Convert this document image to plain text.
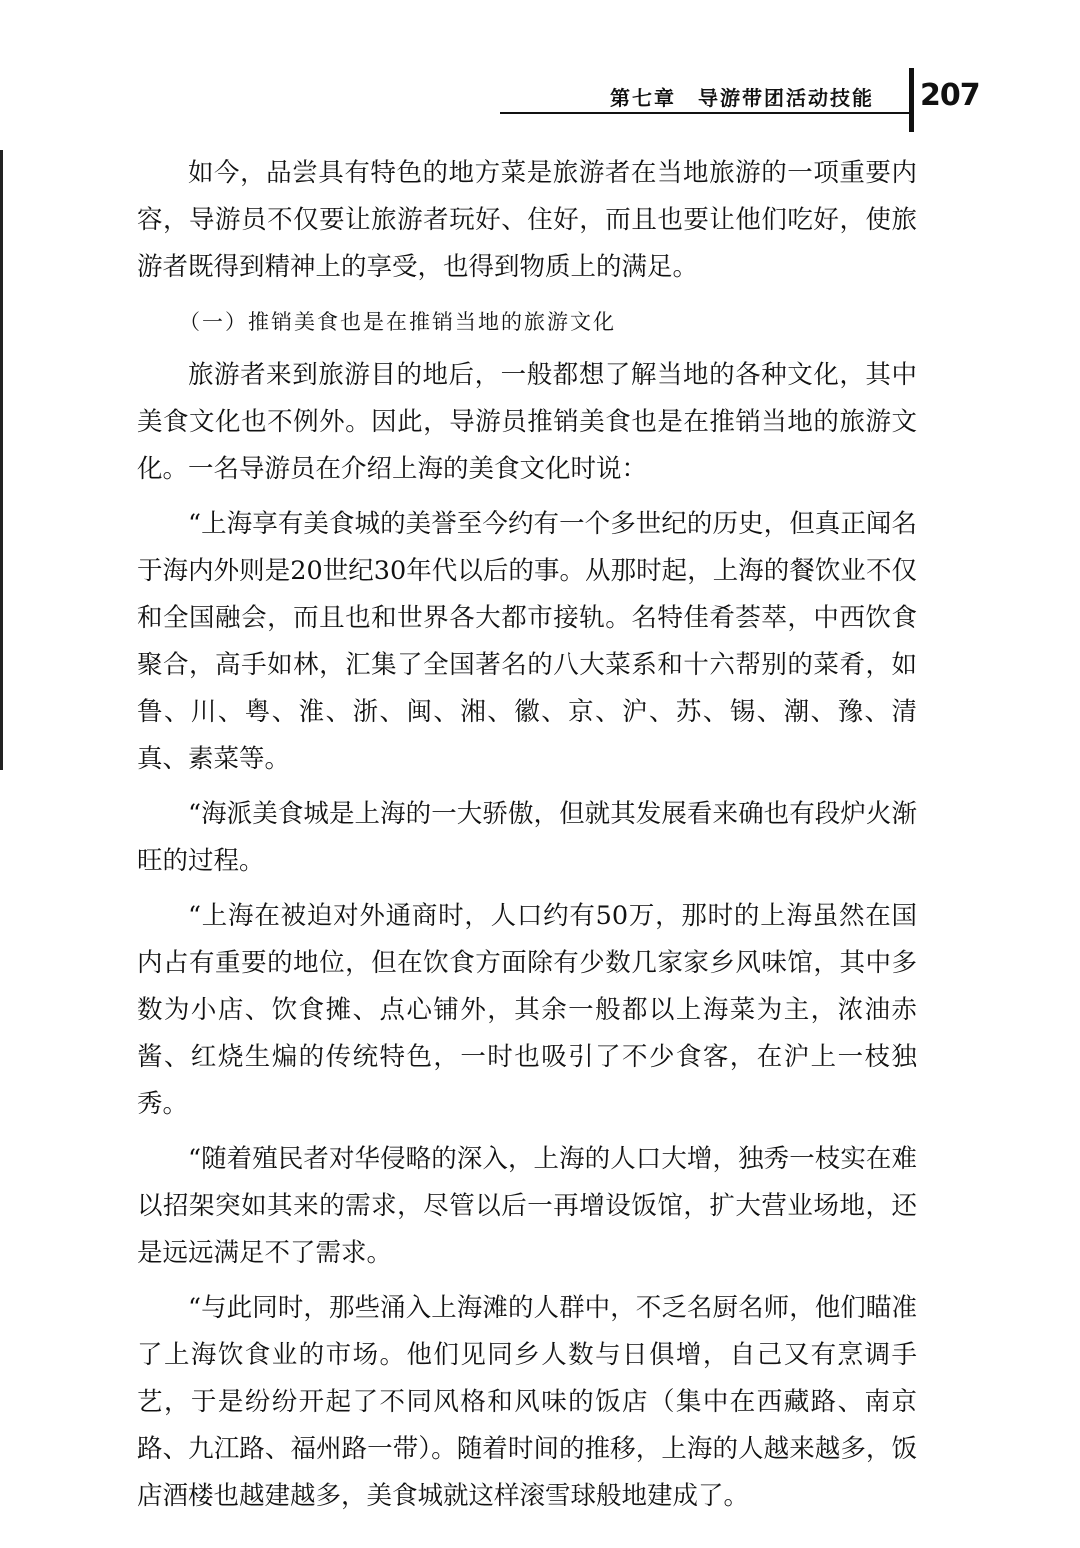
第七章　导游带团活动技能 207

如今，品尝具有特色的地方菜是旅游者在当地旅游的一项重要内容，导游员不仅要让旅游者玩好、住好，而且也要让他们吃好，使旅游者既得到精神上的享受，也得到物质上的满足。

（一）推销美食也是在推销当地的旅游文化

旅游者来到旅游目的地后，一般都想了解当地的各种文化，其中美食文化也不例外。因此，导游员推销美食也是在推销当地的旅游文化。一名导游员在介绍上海的美食文化时说：

“上海享有美食城的美誉至今约有一个多世纪的历史，但真正闻名于海内外则是20世纪30年代以后的事。从那时起，上海的餐饮业不仅和全国融会，而且也和世界各大都市接轨。名特佳肴荟萃，中西饮食聚合，高手如林，汇集了全国著名的八大菜系和十六帮别的菜肴，如鲁、川、粤、淮、浙、闽、湘、徽、京、沪、苏、锡、潮、豫、清真、素菜等。

“海派美食城是上海的一大骄傲，但就其发展看来确也有段炉火渐旺的过程。

“上海在被迫对外通商时，人口约有50万，那时的上海虽然在国内占有重要的地位，但在饮食方面除有少数几家家乡风味馆，其中多数为小店、饮食摊、点心铺外，其余一般都以上海菜为主，浓油赤酱、红烧生煸的传统特色，一时也吸引了不少食客，在沪上一枝独秀。

“随着殖民者对华侵略的深入，上海的人口大增，独秀一枝实在难以招架突如其来的需求，尽管以后一再增设饭馆，扩大营业场地，还是远远满足不了需求。

“与此同时，那些涌入上海滩的人群中，不乏名厨名师，他们瞄准了上海饮食业的市场。他们见同乡人数与日俱增，自己又有烹调手艺，于是纷纷开起了不同风格和风味的饭店（集中在西藏路、南京路、九江路、福州路一带）。随着时间的推移，上海的人越来越多，饭店酒楼也越建越多，美食城就这样滚雪球般地建成了。
